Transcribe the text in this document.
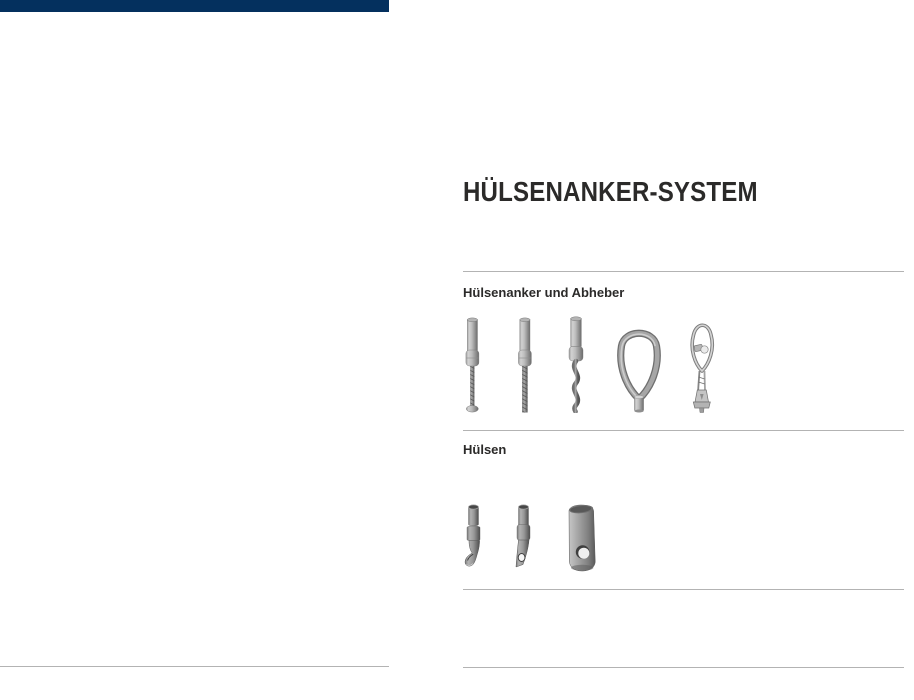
HÜLSENANKER-SYSTEM
Hülsenanker und Abheber
Hülsen
